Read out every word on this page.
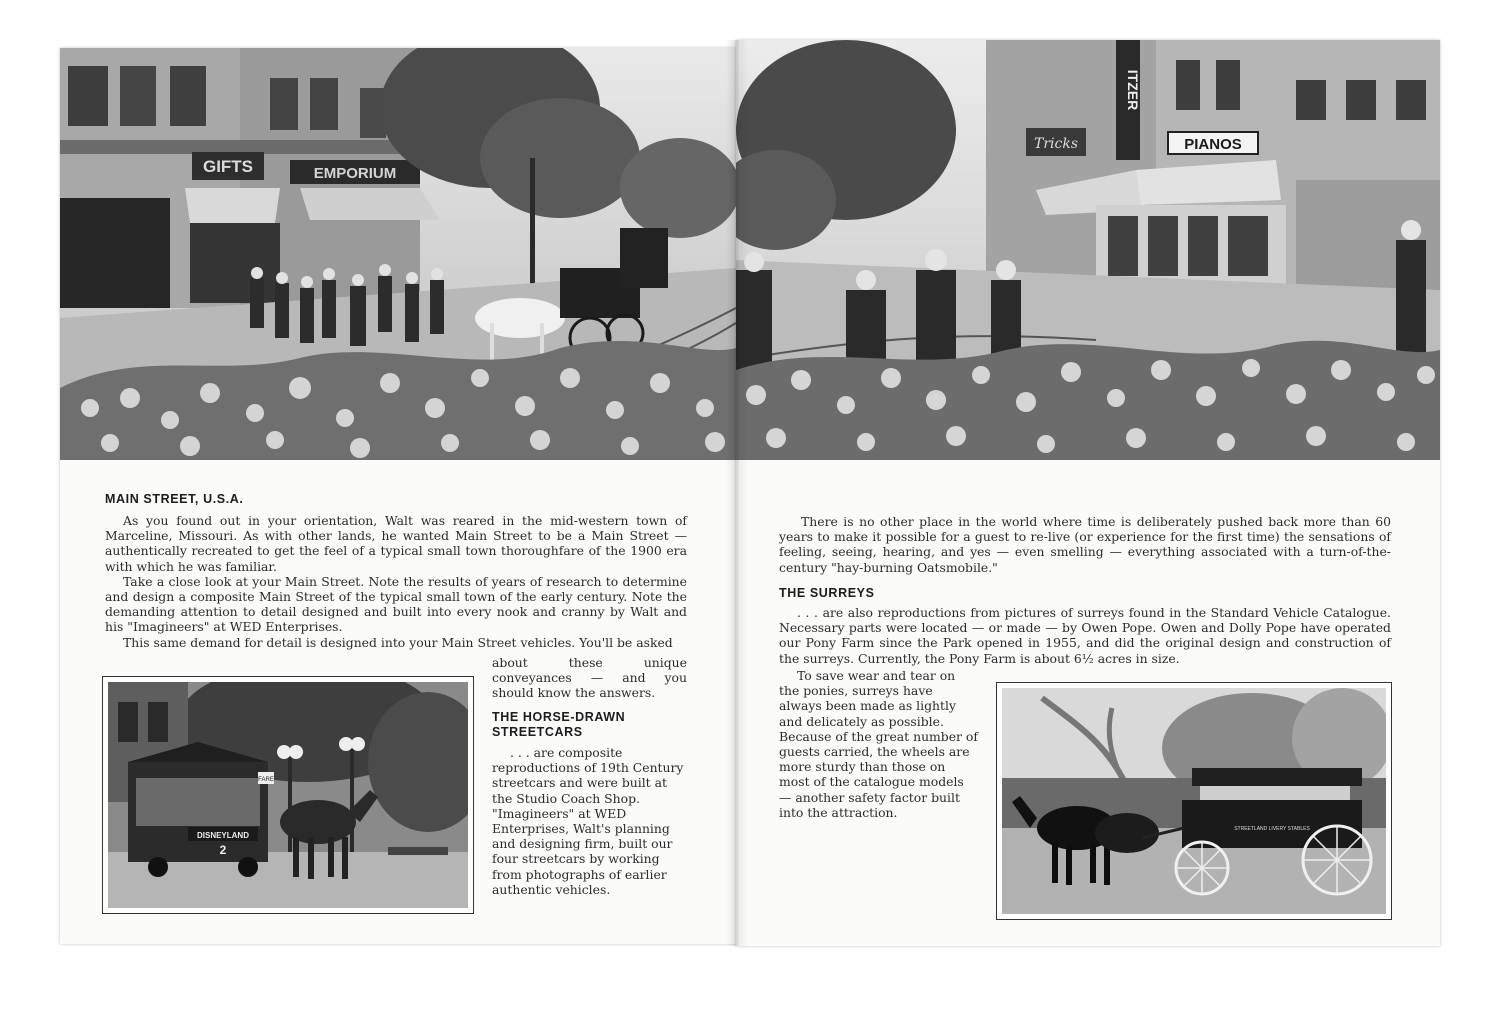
GIFTS	EMPORIUM
MAIN STREET, U.S.A.

As you found out in your orientation, Walt was reared in the mid-western town of Marceline, Missouri. As with other lands, he wanted Main Street to be a Main Street — authentically recreated to get the feel of a typical small town thoroughfare of the 1900 era with which he was familiar.

Take a close look at your Main Street. Note the results of years of research to determine and design a composite Main Street of the typical small town of the early century. Note the demanding attention to detail designed and built into every nook and cranny by Walt and his "Imagineers" at WED Enterprises.

This same demand for detail is designed into your Main Street vehicles. You'll be asked

about these unique conveyances — and you should know the answers.

THE HORSE-DRAWN
STREETCARS

. . . are composite reproductions of 19th Century streetcars and were built at the Studio Coach Shop. "Imagineers" at WED Enterprises, Walt's planning and designing firm, built our four streetcars by working from photographs of earlier authentic vehicles.

DISNEYLAND
2
FARE
ITZER
Tricks	PIANOS

There is no other place in the world where time is deliberately pushed back more than 60 years to make it possible for a guest to re-live (or experience for the first time) the sensations of feeling, seeing, hearing, and yes — even smelling — everything associated with a turn-of-the-century "hay-burning Oatsmobile."

THE SURREYS

. . . are also reproductions from pictures of surreys found in the Standard Vehicle Catalogue. Necessary parts were located — or made — by Owen Pope. Owen and Dolly Pope have operated our Pony Farm since the Park opened in 1955, and did the original design and construction of the surreys. Currently, the Pony Farm is about 6½ acres in size.

To save wear and tear on the ponies, surreys have always been made as lightly and delicately as possible. Because of the great number of guests carried, the wheels are more sturdy than those on most of the catalogue models — another safety factor built into the attraction.

STREETLAND LIVERY STABLES
